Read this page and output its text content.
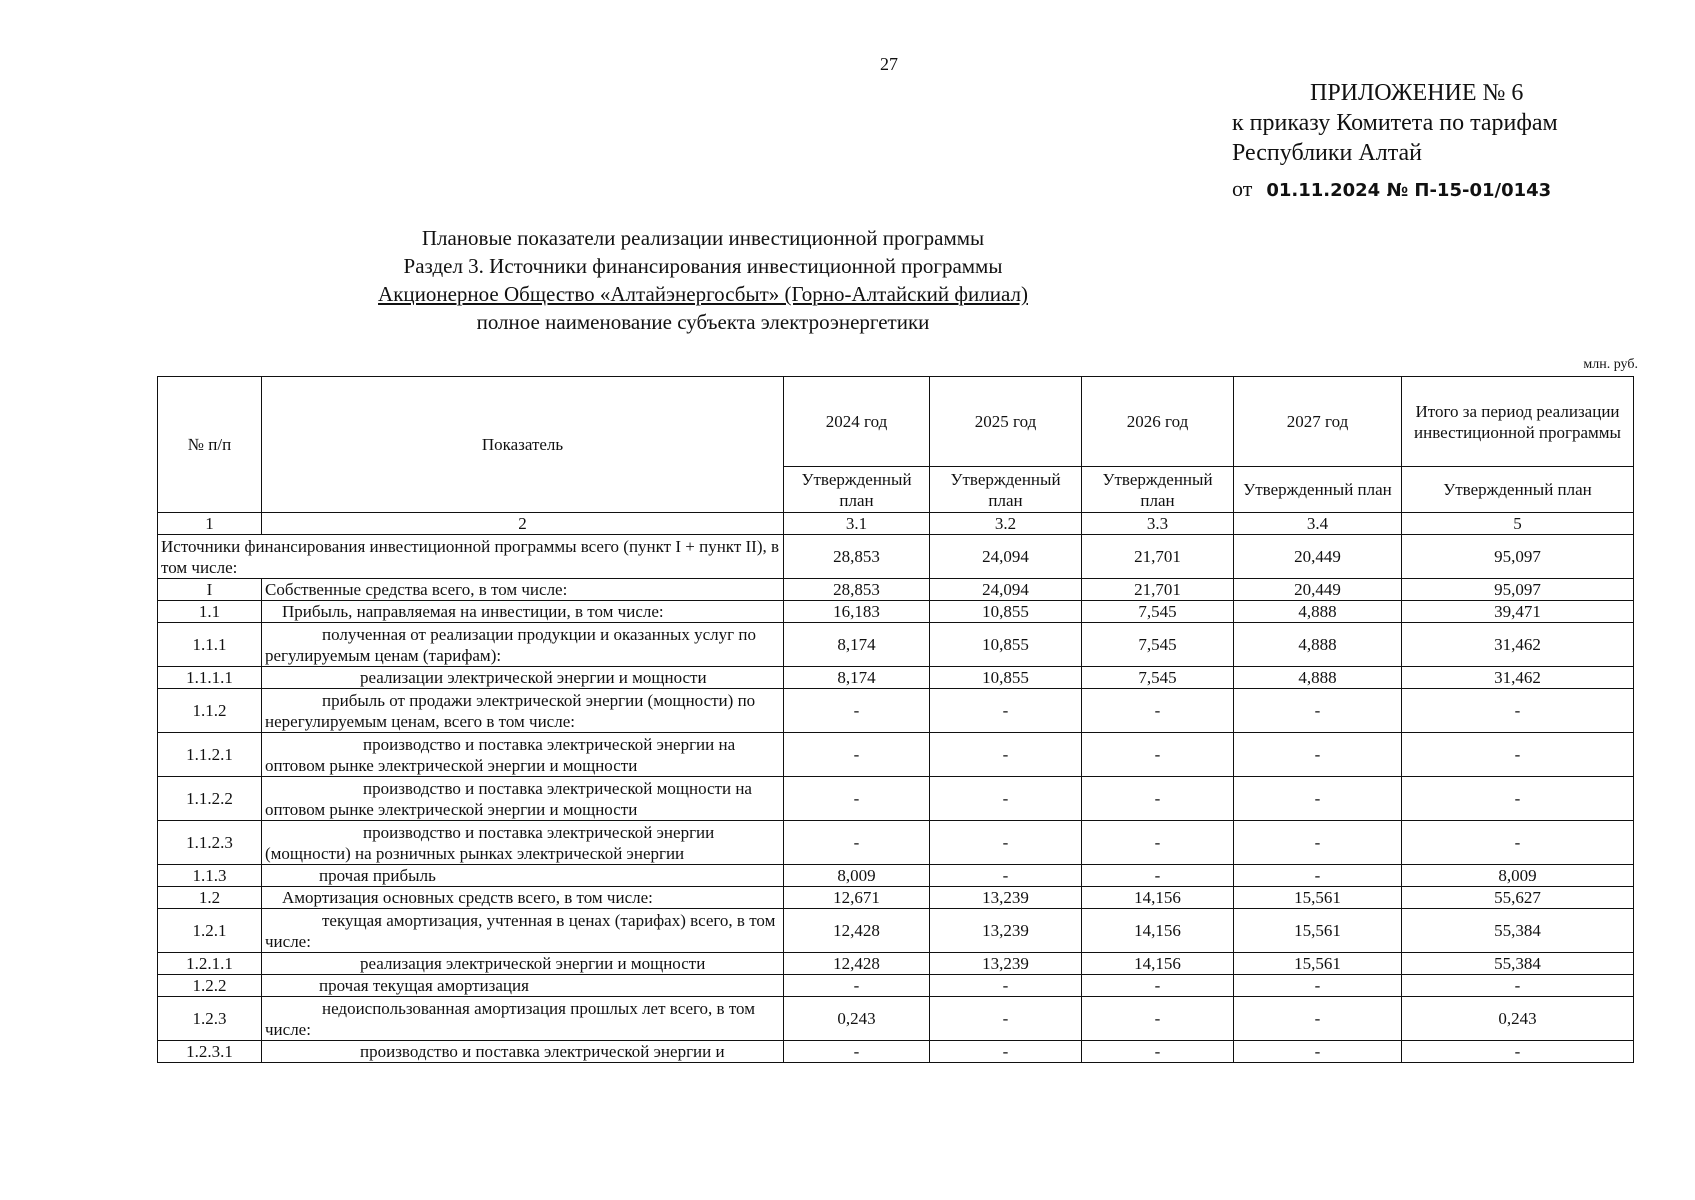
27
ПРИЛОЖЕНИЕ № 6
к приказу Комитета по тарифам
Республики Алтай
от 01.11.2024 № П-15-01/0143
Плановые показатели реализации инвестиционной программы
Раздел 3. Источники финансирования инвестиционной программы
Акционерное Общество «Алтайэнергосбыт» (Горно-Алтайский филиал)
полное наименование субъекта электроэнергетики
млн. руб.
№ п/п	Показатель	2024 год	2025 год	2026 год	2027 год	Итого за период реализации инвестиционной программы
		Утвержденный план	Утвержденный план	Утвержденный план	Утвержденный план	Утвержденный план
1	2	3.1	3.2	3.3	3.4	5
Источники финансирования инвестиционной программы всего (пункт I + пункт II), в том числе:		28,853	24,094	21,701	20,449	95,097
I	Собственные средства всего, в том числе:	28,853	24,094	21,701	20,449	95,097
1.1	Прибыль, направляемая на инвестиции, в том числе:	16,183	10,855	7,545	4,888	39,471
1.1.1	полученная от реализации продукции и оказанных услуг по регулируемым ценам (тарифам):	8,174	10,855	7,545	4,888	31,462
1.1.1.1	реализации электрической энергии и мощности	8,174	10,855	7,545	4,888	31,462
1.1.2	прибыль от продажи электрической энергии (мощности) по нерегулируемым ценам, всего в том числе:	-	-	-	-	-
1.1.2.1	производство и поставка электрической энергии на оптовом рынке электрической энергии и мощности	-	-	-	-	-
1.1.2.2	производство и поставка электрической мощности на оптовом рынке электрической энергии и мощности	-	-	-	-	-
1.1.2.3	производство и поставка электрической энергии (мощности) на розничных рынках электрической энергии	-	-	-	-	-
1.1.3	прочая прибыль	8,009	-	-	-	8,009
1.2	Амортизация основных средств всего, в том числе:	12,671	13,239	14,156	15,561	55,627
1.2.1	текущая амортизация, учтенная в ценах (тарифах) всего, в том числе:	12,428	13,239	14,156	15,561	55,384
1.2.1.1	реализация электрической энергии и мощности	12,428	13,239	14,156	15,561	55,384
1.2.2	прочая текущая амортизация	-	-	-	-	-
1.2.3	недоиспользованная амортизация прошлых лет всего, в том числе:	0,243	-	-	-	0,243
1.2.3.1	производство и поставка электрической энергии и	-	-	-	-	-
